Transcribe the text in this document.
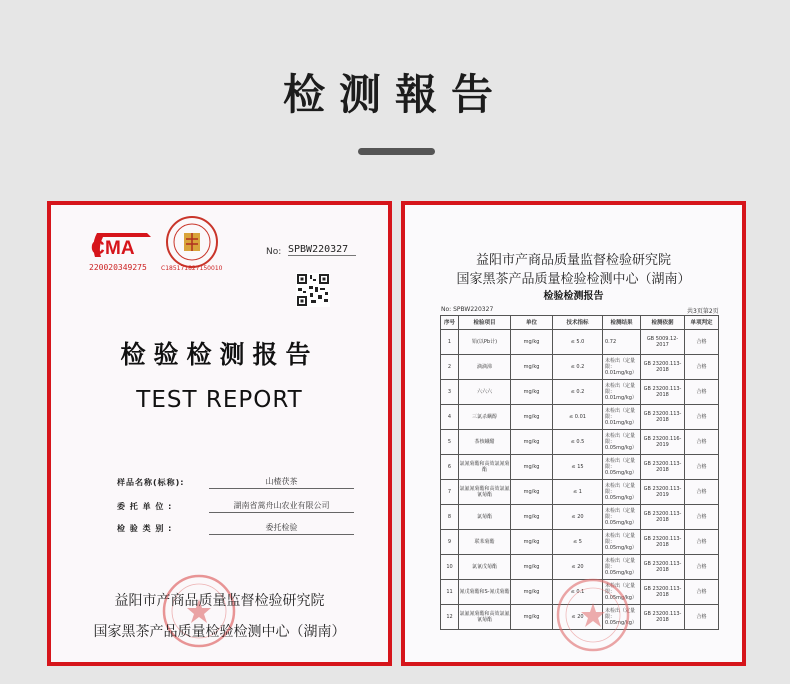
检测報告
MA
C
220020349275 C185171827150010
No: SPBW220327
检验检测报告
TEST REPORT
样品名称(标称):	山楂茯茶
委 托 单 位 :	湖南省蒿舟山农业有限公司
检 验 类 别 :	委托检验
益阳市产商品质量监督检验研究院
国家黑茶产品质量检验检测中心（湖南）
益阳市产商品质量监督检验研究院
国家黑茶产品质量检验检测中心（湖南）
检验检测报告
No: SPBW220327	共3页第2页
序号	检验项目	单位	技术指标	检测结果	检测依据	单项判定
1	铅(以Pb计)	mg/kg	≤ 5.0	0.72	GB 5009.12-2017	合格
2	滴滴涕	mg/kg	≤ 0.2	未检出（定量限：0.01mg/kg）	GB 23200.113-2018	合格
3	六六六	mg/kg	≤ 0.2	未检出（定量限：0.01mg/kg）	GB 23200.113-2018	合格
4	三氯杀螨醇	mg/kg	≤ 0.01	未检出（定量限：0.01mg/kg）	GB 23200.113-2018	合格
5	茶核蛾醋	mg/kg	≤ 0.5	未检出（定量限：0.05mg/kg）	GB 23200.116-2019	合格
6	氯氰菊酯和高效氯氰菊酯	mg/kg	≤ 15	未检出（定量限：0.05mg/kg）	GB 23200.113-2018	合格
7	氯氟氰菊酯和高效氯氟氰菊酯	mg/kg	≤ 1	未检出（定量限：0.05mg/kg）	GB 23200.113-2019	合格
8	氯菊酯	mg/kg	≤ 20	未检出（定量限：0.05mg/kg）	GB 23200.113-2018	合格
9	联苯菊酯	mg/kg	≤ 5	未检出（定量限：0.05mg/kg）	GB 23200.113-2018	合格
10	氯氰戊菊酯	mg/kg	≤ 20	未检出（定量限：0.05mg/kg）	GB 23200.113-2018	合格
11	氰戊菊酯和S-氰戊菊酯	mg/kg	≤ 0.1	未检出（定量限：0.05mg/kg）	GB 23200.113-2018	合格
12	氯氟氰菊酯和高效氯氟氰菊酯	mg/kg	≤ 20	未检出（定量限：0.05mg/kg）	GB 23200.113-2018	合格
